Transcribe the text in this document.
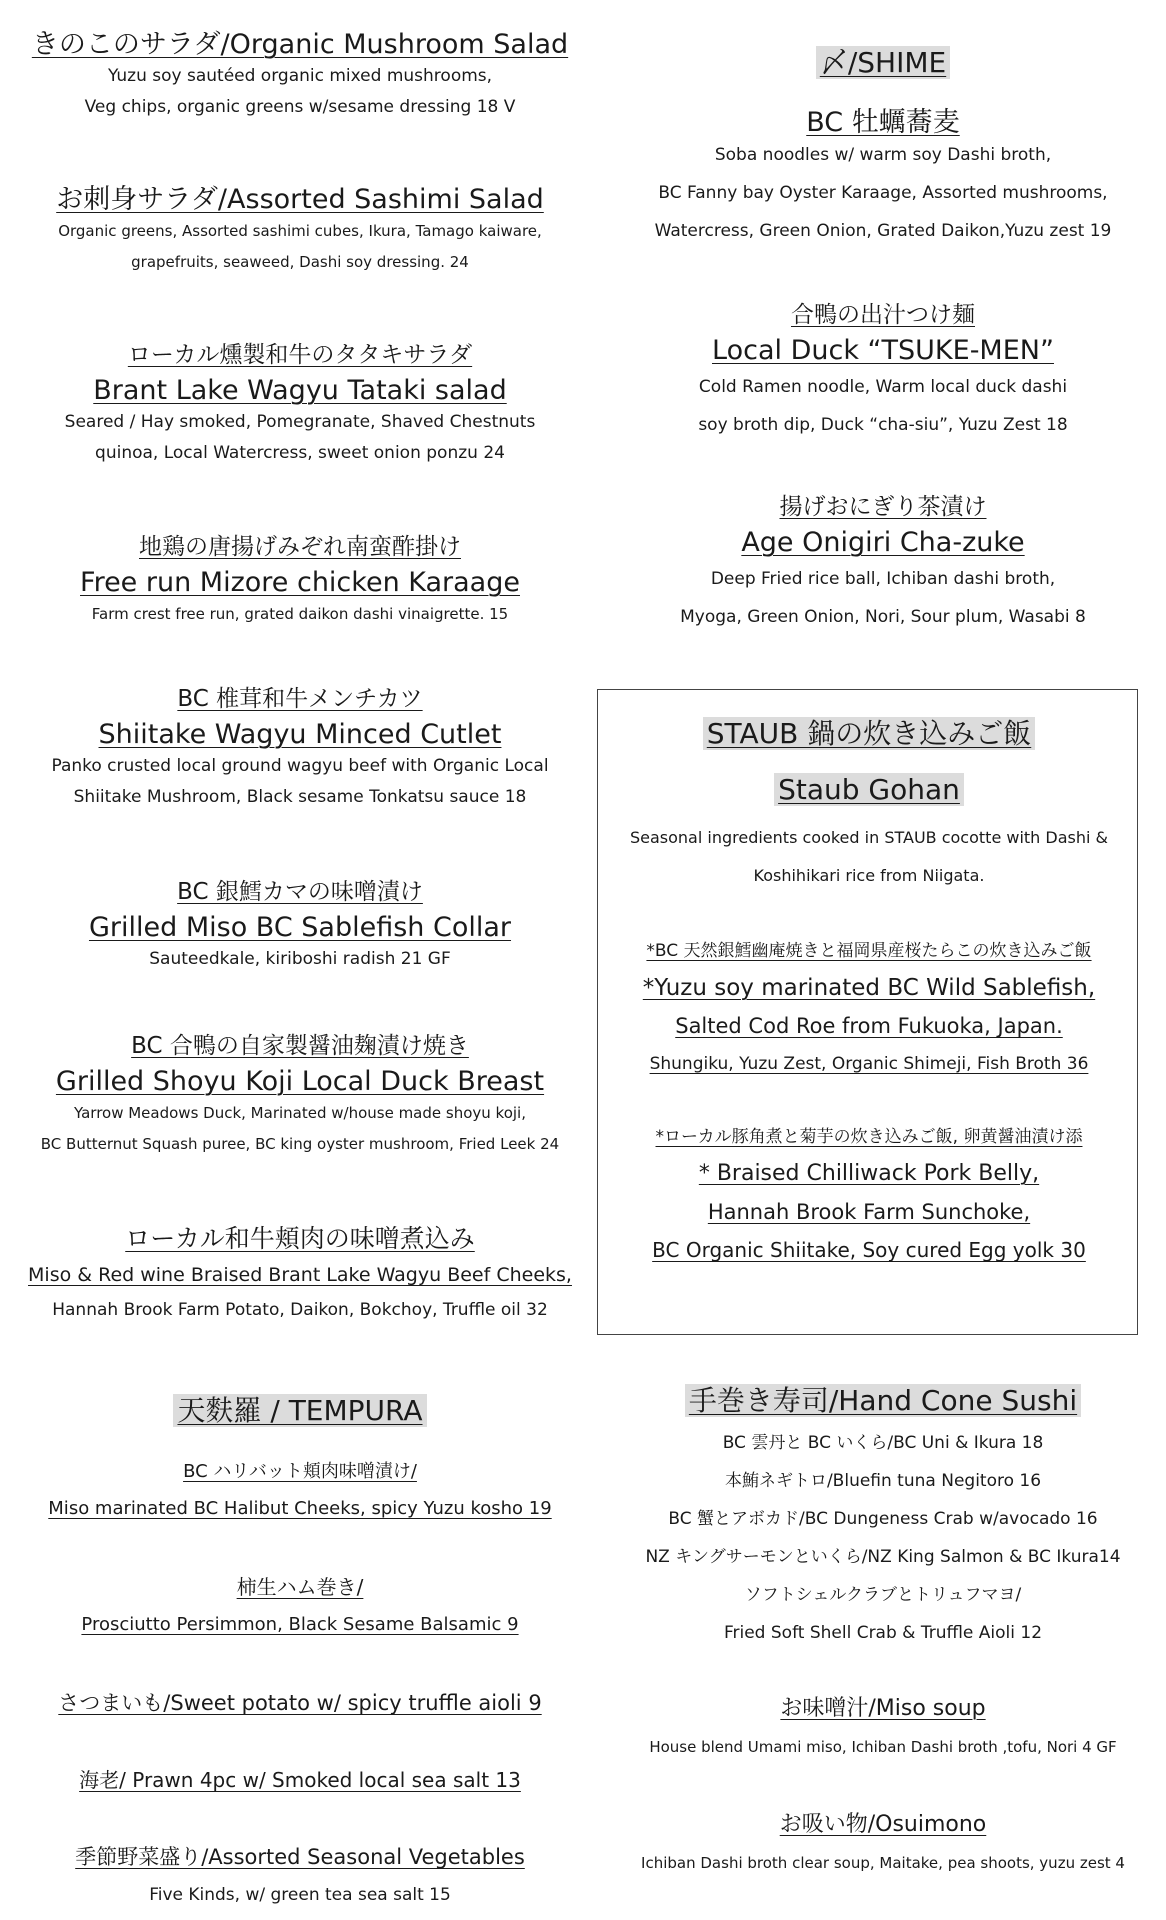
きのこのサラダ/Organic Mushroom Salad
Yuzu soy sautéed organic mixed mushrooms,
Veg chips, organic greens w/sesame dressing 18 V
お刺身サラダ/Assorted Sashimi Salad
Organic greens, Assorted sashimi cubes, Ikura, Tamago kaiware,
grapefruits, seaweed, Dashi soy dressing. 24
ローカル燻製和牛のタタキサラダ
Brant Lake Wagyu Tataki salad
Seared / Hay smoked, Pomegranate, Shaved Chestnuts
quinoa, Local Watercress, sweet onion ponzu 24
地鶏の唐揚げみぞれ南蛮酢掛け
Free run Mizore chicken Karaage
Farm crest free run, grated daikon dashi vinaigrette. 15
BC 椎茸和牛メンチカツ
Shiitake Wagyu Minced Cutlet
Panko crusted local ground wagyu beef with Organic Local
Shiitake Mushroom, Black sesame Tonkatsu sauce 18
BC 銀鱈カマの味噌漬け
Grilled Miso BC Sablefish Collar
Sauteedkale, kiriboshi radish 21 GF
BC 合鴨の自家製醤油麹漬け焼き
Grilled Shoyu Koji Local Duck Breast
Yarrow Meadows Duck, Marinated w/house made shoyu koji,
BC Butternut Squash puree, BC king oyster mushroom, Fried Leek 24
ローカル和牛頬肉の味噌煮込み
Miso & Red wine Braised Brant Lake Wagyu Beef Cheeks,
Hannah Brook Farm Potato, Daikon, Bokchoy, Truffle oil 32
天麩羅 / TEMPURA
BC ハリバット頬肉味噌漬け/
Miso marinated BC Halibut Cheeks, spicy Yuzu kosho 19
柿生ハム巻き/
Prosciutto Persimmon, Black Sesame Balsamic 9
さつまいも/Sweet potato w/ spicy truffle aioli 9
海老/ Prawn 4pc w/ Smoked local sea salt 13
季節野菜盛り/Assorted Seasonal Vegetables
Five Kinds, w/ green tea sea salt 15
〆/SHIME
BC 牡蠣蕎麦
Soba noodles w/ warm soy Dashi broth,
BC Fanny bay Oyster Karaage, Assorted mushrooms,
Watercress, Green Onion, Grated Daikon,Yuzu zest 19
合鴨の出汁つけ麺
Local Duck “TSUKE-MEN”
Cold Ramen noodle, Warm local duck dashi
soy broth dip, Duck “cha-siu”, Yuzu Zest 18
揚げおにぎり茶漬け
Age Onigiri Cha-zuke
Deep Fried rice ball, Ichiban dashi broth,
Myoga, Green Onion, Nori, Sour plum, Wasabi 8
STAUB 鍋の炊き込みご飯
Staub Gohan
Seasonal ingredients cooked in STAUB cocotte with Dashi &
Koshihikari rice from Niigata.
*BC 天然銀鱈幽庵焼きと福岡県産桜たらこの炊き込みご飯
*Yuzu soy marinated BC Wild Sablefish,
Salted Cod Roe from Fukuoka, Japan.
Shungiku, Yuzu Zest, Organic Shimeji, Fish Broth 36
*ローカル豚角煮と菊芋の炊き込みご飯, 卵黄醤油漬け添
* Braised Chilliwack Pork Belly,
Hannah Brook Farm Sunchoke,
BC Organic Shiitake, Soy cured Egg yolk 30
手巻き寿司/Hand Cone Sushi
BC 雲丹と BC いくら/BC Uni & Ikura 18
本鮪ネギトロ/Bluefin tuna Negitoro 16
BC 蟹とアボカド/BC Dungeness Crab w/avocado 16
NZ キングサーモンといくら/NZ King Salmon & BC Ikura14
ソフトシェルクラブとトリュフマヨ/
Fried Soft Shell Crab & Truffle Aioli 12
お味噌汁/Miso soup
House blend Umami miso, Ichiban Dashi broth ,tofu, Nori 4 GF
お吸い物/Osuimono
Ichiban Dashi broth clear soup, Maitake, pea shoots, yuzu zest 4
